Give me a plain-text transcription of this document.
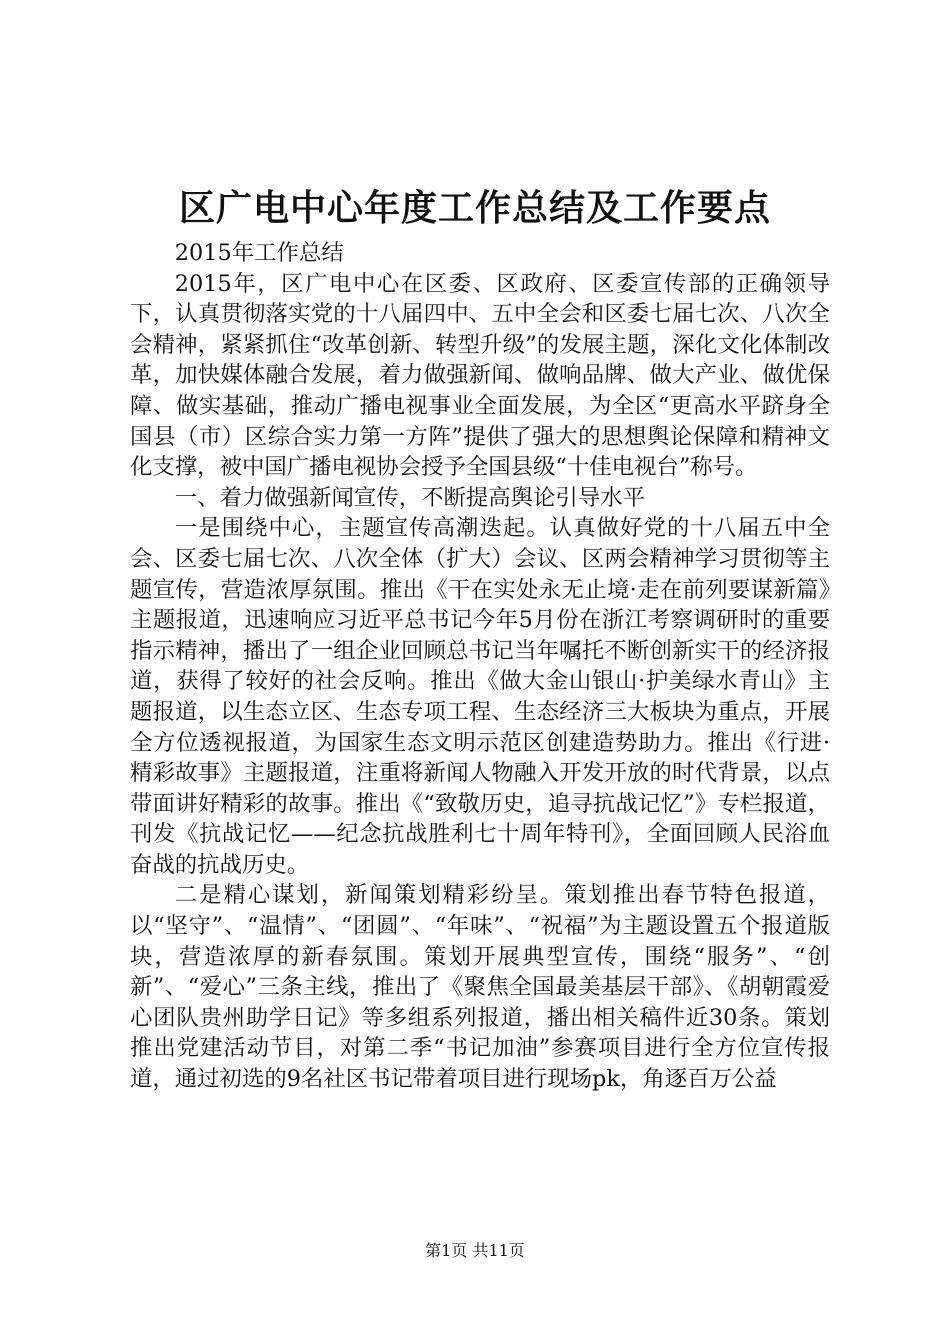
区广电中心年度工作总结及工作要点

2015年工作总结

2015年，区广电中心在区委、区政府、区委宣传部的正确领导下，认真贯彻落实党的十八届四中、五中全会和区委七届七次、八次全会精神，紧紧抓住“改革创新、转型升级”的发展主题，深化文化体制改革，加快媒体融合发展，着力做强新闻、做响品牌、做大产业、做优保障、做实基础，推动广播电视事业全面发展，为全区“更高水平跻身全国县（市）区综合实力第一方阵”提供了强大的思想舆论保障和精神文化支撑，被中国广播电视协会授予全国县级“十佳电视台”称号。

一、着力做强新闻宣传，不断提高舆论引导水平

一是围绕中心，主题宣传高潮迭起。认真做好党的十八届五中全会、区委七届七次、八次全体（扩大）会议、区两会精神学习贯彻等主题宣传，营造浓厚氛围。推出《干在实处永无止境·走在前列要谋新篇》主题报道，迅速响应习近平总书记今年5月份在浙江考察调研时的重要指示精神，播出了一组企业回顾总书记当年嘱托不断创新实干的经济报道，获得了较好的社会反响。推出《做大金山银山·护美绿水青山》主题报道，以生态立区、生态专项工程、生态经济三大板块为重点，开展全方位透视报道，为国家生态文明示范区创建造势助力。推出《行进·精彩故事》主题报道，注重将新闻人物融入开发开放的时代背景，以点带面讲好精彩的故事。推出《“致敬历史，追寻抗战记忆”》专栏报道，刊发《抗战记忆——纪念抗战胜利七十周年特刊》，全面回顾人民浴血奋战的抗战历史。

二是精心谋划，新闻策划精彩纷呈。策划推出春节特色报道，以“坚守”、“温情”、“团圆”、“年味”、“祝福”为主题设置五个报道版块，营造浓厚的新春氛围。策划开展典型宣传，围绕“服务”、“创新”、“爱心”三条主线，推出了《聚焦全国最美基层干部》、《胡朝霞爱心团队贵州助学日记》等多组系列报道，播出相关稿件近30条。策划推出党建活动节目，对第二季“书记加油”参赛项目进行全方位宣传报道，通过初选的9名社区书记带着项目进行现场pk，角逐百万公益

第1页 共11页
